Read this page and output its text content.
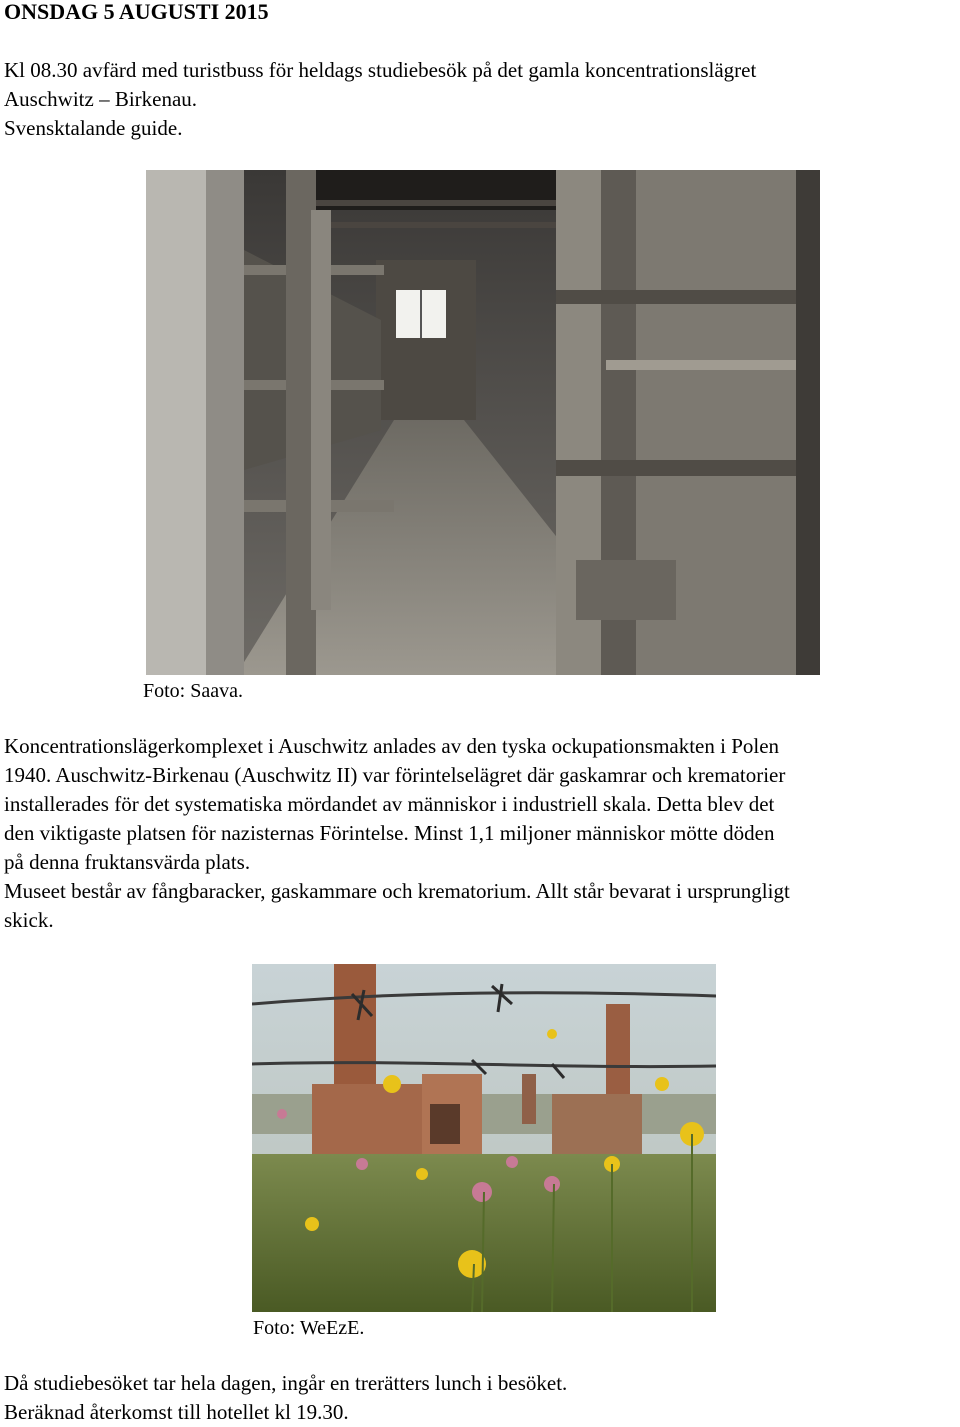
ONSDAG 5 AUGUSTI 2015
Kl 08.30 avfärd med turistbuss för heldags studiebesök på det gamla koncentrationslägret
Auschwitz – Birkenau.
Svensktalande guide.
Foto: Saava.
Koncentrationslägerkomplexet i Auschwitz anlades av den tyska ockupationsmakten i Polen
1940. Auschwitz-Birkenau (Auschwitz II) var förintelselägret där gaskamrar och krematorier
installerades för det systematiska mördandet av människor i industriell skala. Detta blev det
den viktigaste platsen för nazisternas Förintelse. Minst 1,1 miljoner människor mötte döden
på denna fruktansvärda plats.
Museet består av fångbaracker, gaskammare och krematorium. Allt står bevarat i ursprungligt
skick.
Foto: WeEzE.
Då studiebesöket tar hela dagen, ingår en trerätters lunch i besöket.
Beräknad återkomst till hotellet kl 19.30.
